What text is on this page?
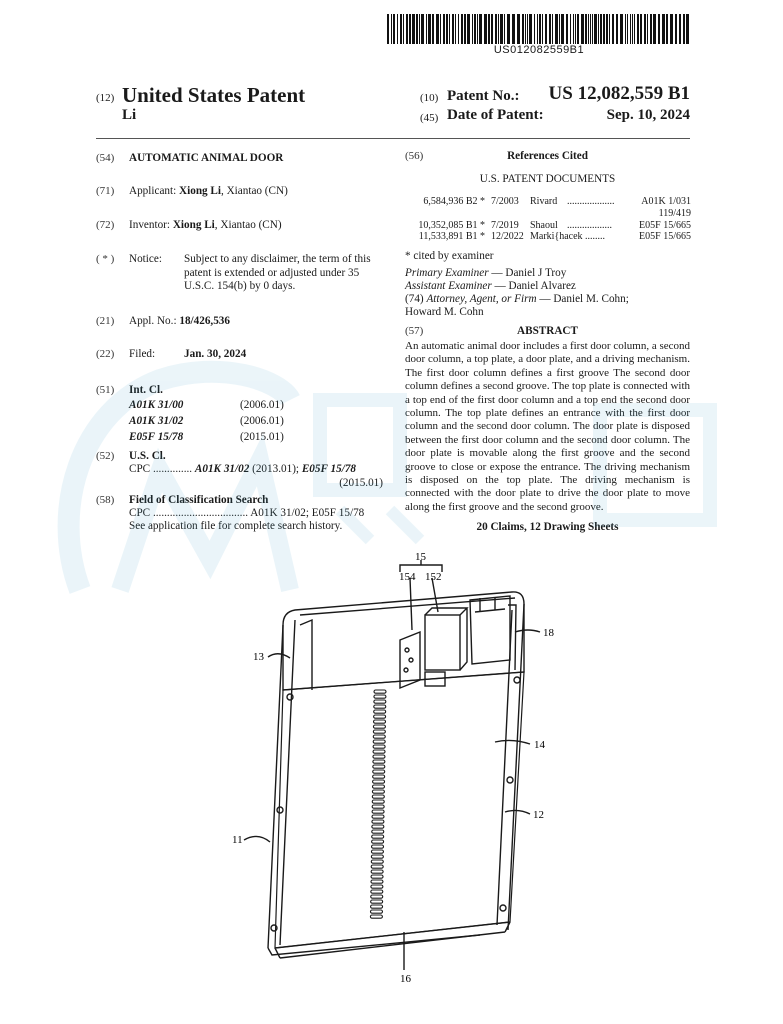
US012082559B1
(12) United States Patent
Li
(10) Patent No.:	US 12,082,559 B1
(45) Date of Patent:	Sep. 10, 2024
(54) AUTOMATIC ANIMAL DOOR
(71) Applicant: Xiong Li, Xiantao (CN)
(72) Inventor: Xiong Li, Xiantao (CN)
( * ) Notice: Subject to any disclaimer, the term of this
patent is extended or adjusted under 35
U.S.C. 154(b) by 0 days.
(21) Appl. No.: 18/426,536
(22) Filed:	Jan. 30, 2024
(51) Int. Cl.
A01K 31/00	(2006.01)
A01K 31/02	(2006.01)
E05F 15/78	(2015.01)
(52) U.S. Cl.
CPC .............. A01K 31/02 (2013.01); E05F 15/78
(2015.01)
(58) Field of Classification Search
CPC .................................. A01K 31/02; E05F 15/78
See application file for complete search history.
(56)	References Cited
U.S. PATENT DOCUMENTS
6,584,936 B2 * 7/2003 Rivard ...................	A01K 1/031
119/419
10,352,085 B1 * 7/2019 Shaoul ..................	E05F 15/665
11,533,891 B1 * 12/2022 Marki{hacek ........	E05F 15/665
* cited by examiner
Primary Examiner — Daniel J Troy
Assistant Examiner — Daniel Alvarez
(74) Attorney, Agent, or Firm — Daniel M. Cohn;
Howard M. Cohn
(57)	ABSTRACT
An automatic animal door includes a first door column, a second door column, a top plate, a door plate, and a driving mechanism. The first door column defines a first groove The second door column defines a second groove. The top plate is connected with a top end of the first door column and a top end the second door column. The top plate defines an entrance with the first door column and the second door column. The door plate is disposed between the first door column and the second door column. The door plate is movable along the first groove and the second groove to close or expose the entrance. The driving mechanism is disposed on the top plate. The driving mechanism is connected with the door plate to drive the door plate to move along the first groove and the second groove.
20 Claims, 12 Drawing Sheets
15
154 152
18
13
14
12
11
16
